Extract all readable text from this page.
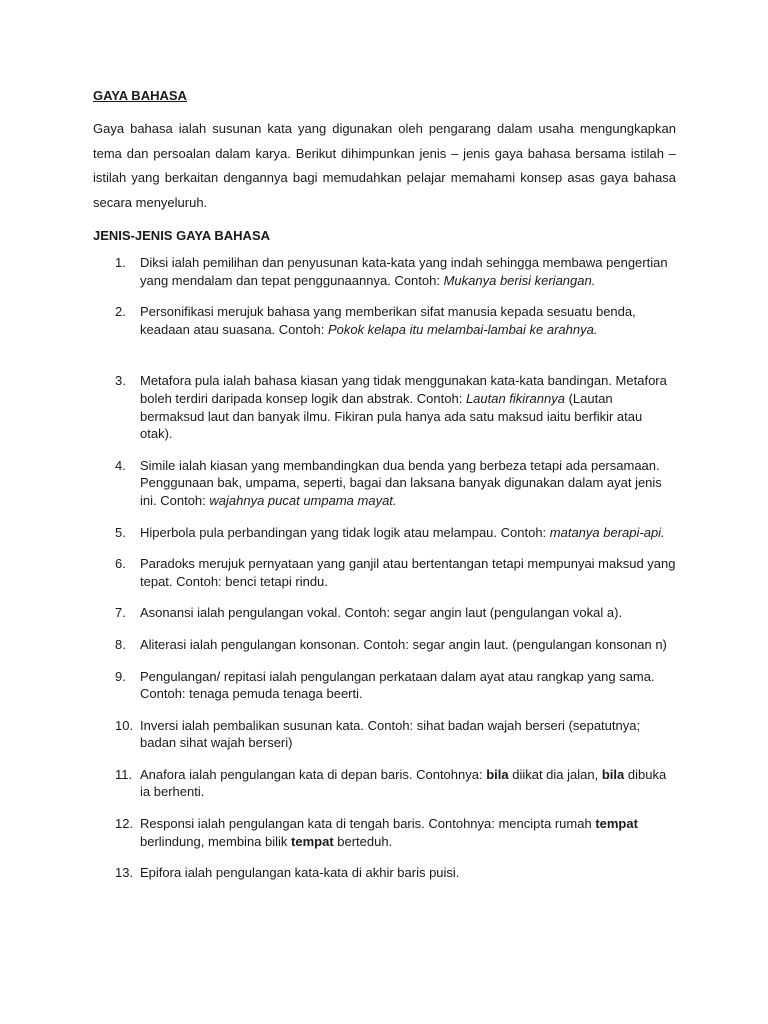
GAYA BAHASA

Gaya bahasa ialah susunan kata yang digunakan oleh pengarang dalam usaha mengungkapkan tema dan persoalan dalam karya. Berikut dihimpunkan jenis – jenis gaya bahasa bersama istilah – istilah yang berkaitan dengannya bagi memudahkan pelajar memahami konsep asas gaya bahasa secara menyeluruh.

JENIS-JENIS GAYA BAHASA
1. Diksi ialah pemilihan dan penyusunan kata-kata yang indah sehingga membawa pengertian yang mendalam dan tepat penggunaannya. Contoh: Mukanya berisi keriangan.
2. Personifikasi merujuk bahasa yang memberikan sifat manusia kepada sesuatu benda, keadaan atau suasana. Contoh: Pokok kelapa itu melambai-lambai ke arahnya.
3. Metafora pula ialah bahasa kiasan yang tidak menggunakan kata-kata bandingan. Metafora boleh terdiri daripada konsep logik dan abstrak. Contoh: Lautan fikirannya (Lautan bermaksud laut dan banyak ilmu. Fikiran pula hanya ada satu maksud iaitu berfikir atau otak).
4. Simile ialah kiasan yang membandingkan dua benda yang berbeza tetapi ada persamaan. Penggunaan bak, umpama, seperti, bagai dan laksana banyak digunakan dalam ayat jenis ini. Contoh: wajahnya pucat umpama mayat.
5. Hiperbola pula perbandingan yang tidak logik atau melampau. Contoh: matanya berapi-api.
6. Paradoks merujuk pernyataan yang ganjil atau bertentangan tetapi mempunyai maksud yang tepat. Contoh: benci tetapi rindu.
7. Asonansi ialah pengulangan vokal. Contoh: segar angin laut (pengulangan vokal a).
8. Aliterasi ialah pengulangan konsonan. Contoh: segar angin laut. (pengulangan konsonan n)
9. Pengulangan/ repitasi ialah pengulangan perkataan dalam ayat atau rangkap yang sama. Contoh: tenaga pemuda tenaga beerti.
10. Inversi ialah pembalikan susunan kata. Contoh: sihat badan wajah berseri (sepatutnya; badan sihat wajah berseri)
11. Anafora ialah pengulangan kata di depan baris. Contohnya: bila diikat dia jalan, bila dibuka ia berhenti.
12. Responsi ialah pengulangan kata di tengah baris. Contohnya: mencipta rumah tempat berlindung, membina bilik tempat berteduh.
13. Epifora ialah pengulangan kata-kata di akhir baris puisi.
